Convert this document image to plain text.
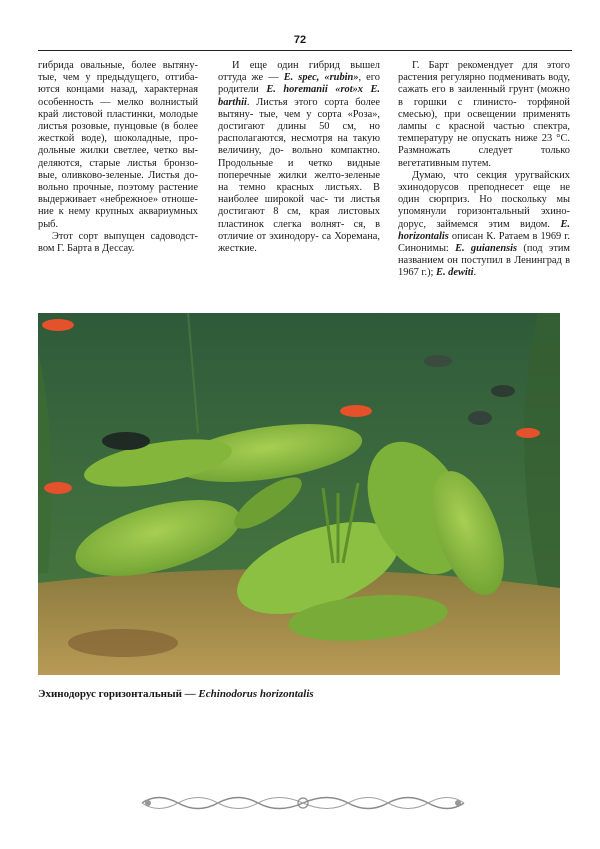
72

гибрида овальные, более вытяну- тые, чем у предыдущего, отгиба- ются концами назад, характерная особенность — мелко волнистый край листовой пластинки, молодые листья розовые, пунцовые (в более жесткой воде), шоколадные, про- дольные жилки светлее, четко вы- деляются, старые листья бронзо- вые, оливково-зеленые. Листья до- вольно прочные, поэтому растение выдерживает «небрежное» отноше- ние к нему крупных аквариумных рыб.

Этот сорт выпущен садоводст- вом Г. Барта в Дессау.

И еще один гибрид вышел оттуда же — E. spec, «rubin», его родители E. horemanii «rot»x E. barthii. Листья этого сорта более вытяну- тые, чем у сорта «Роза», достигают длины 50 см, но располагаются, несмотря на такую величину, до- вольно компактно. Продольные и четко видные поперечные жилки желто-зеленые на темно красных листьях. В наиболее широкой час- ти листья достигают 8 см, края листовых пластинок слегка волнят- ся, в отличие от эхинодору- са Хоремана, жесткие.

Г. Барт рекомендует для этого растения регулярно подменивать воду, сажать его в заиленный грунт (можно в горшки с глинисто- торфяной смесью), при освещении применять лампы с красной частью спектра, температуру не опускать ниже 23 °С. Размножать следует только вегетативным путем.

Думаю, что секция уругвайских эхинодорусов преподнесет еще не один сюрприз. Но поскольку мы упомянули горизонтальный эхино- дорус, займемся этим видом. E. horizontalis описан К. Ратаем в 1969 г. Синонимы: E. guianensis (под этим названием он поступил в Ленинград в 1967 г.); E. dewiti.

Эхинодорус горизонтальный — Echinodorus horizontalis
